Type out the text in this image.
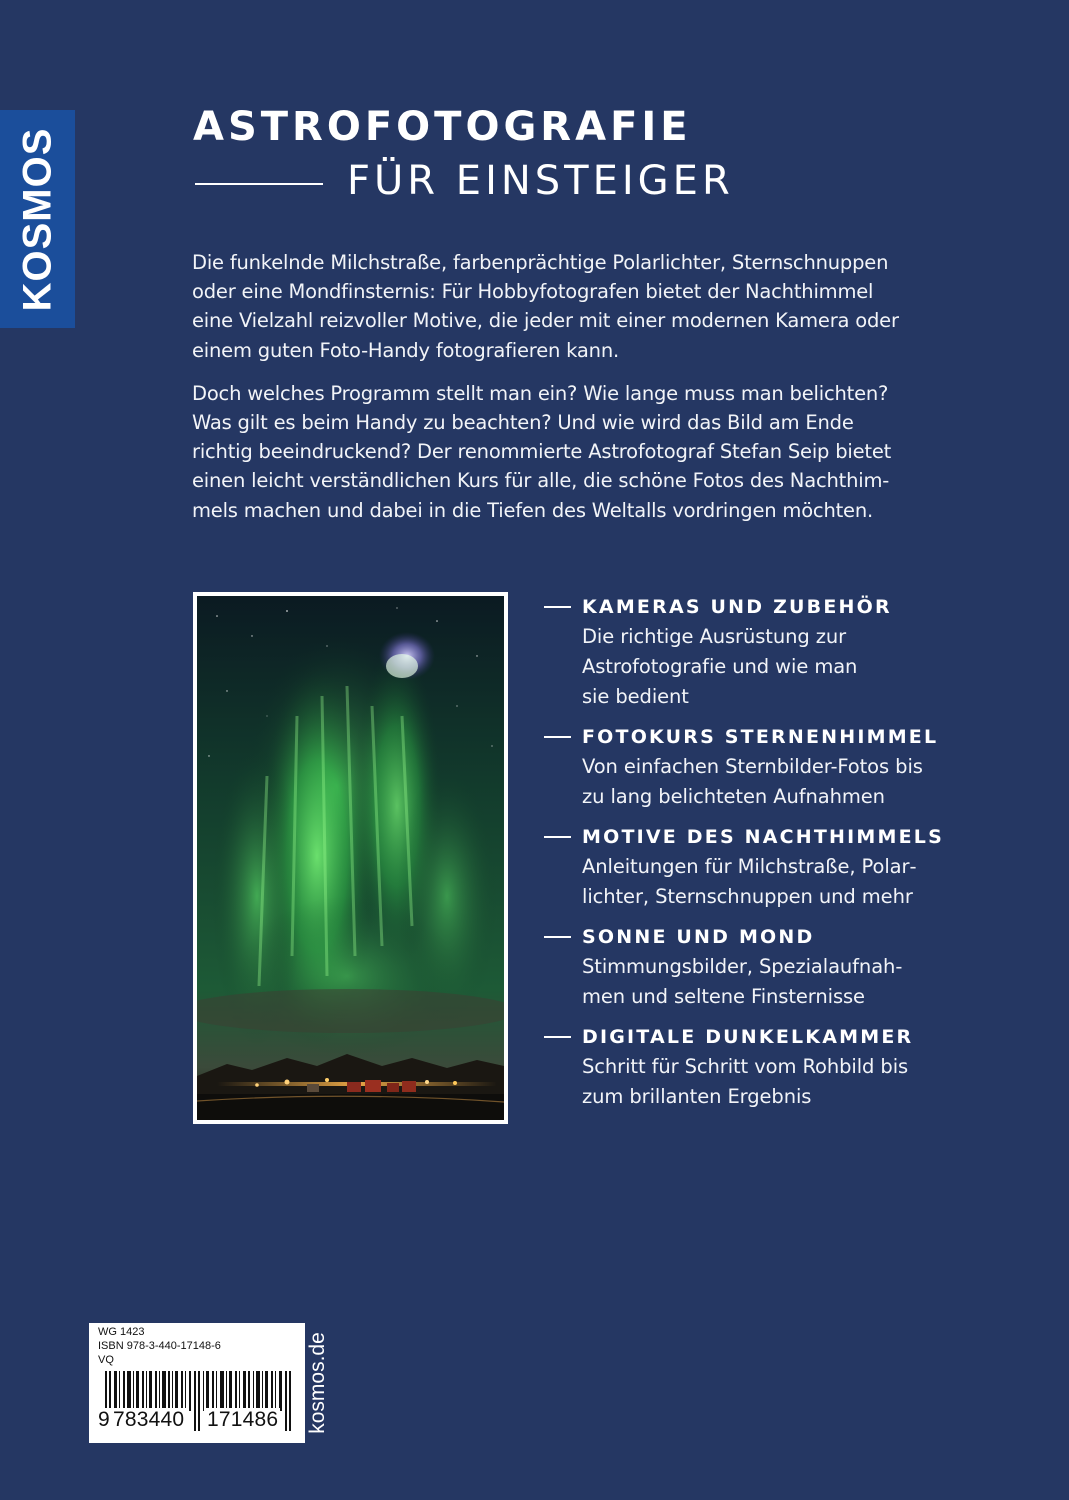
KOSMOS
ASTROFOTOGRAFIE
FÜR EINSTEIGER

Die funkelnde Milchstraße, farbenprächtige Polarlichter, Sternschnuppen oder eine Mondfinsternis: Für Hobbyfotografen bietet der Nachthimmel eine Vielzahl reizvoller Motive, die jeder mit einer modernen Kamera oder einem guten Foto-Handy fotografieren kann.

Doch welches Programm stellt man ein? Wie lange muss man belichten? Was gilt es beim Handy zu beachten? Und wie wird das Bild am Ende richtig beeindruckend? Der renommierte Astrofotograf Stefan Seip bietet einen leicht verständlichen Kurs für alle, die schöne Fotos des Nachthimmels machen und dabei in die Tiefen des Weltalls vordringen möchten.

KAMERAS UND ZUBEHÖR
Die richtige Ausrüstung zur Astrofotografie und wie man sie bedient
FOTOKURS STERNENHIMMEL
Von einfachen Sternbilder-Fotos bis zu lang belichteten Aufnahmen
MOTIVE DES NACHTHIMMELS
Anleitungen für Milchstraße, Polarlichter, Sternschnuppen und mehr
SONNE UND MOND
Stimmungsbilder, Spezialaufnahmen und seltene Finsternisse
DIGITALE DUNKELKAMMER
Schritt für Schritt vom Rohbild bis zum brillanten Ergebnis
WG 1423
ISBN 978-3-440-17148-6
VQ
9 783440 171486 kosmos.de
